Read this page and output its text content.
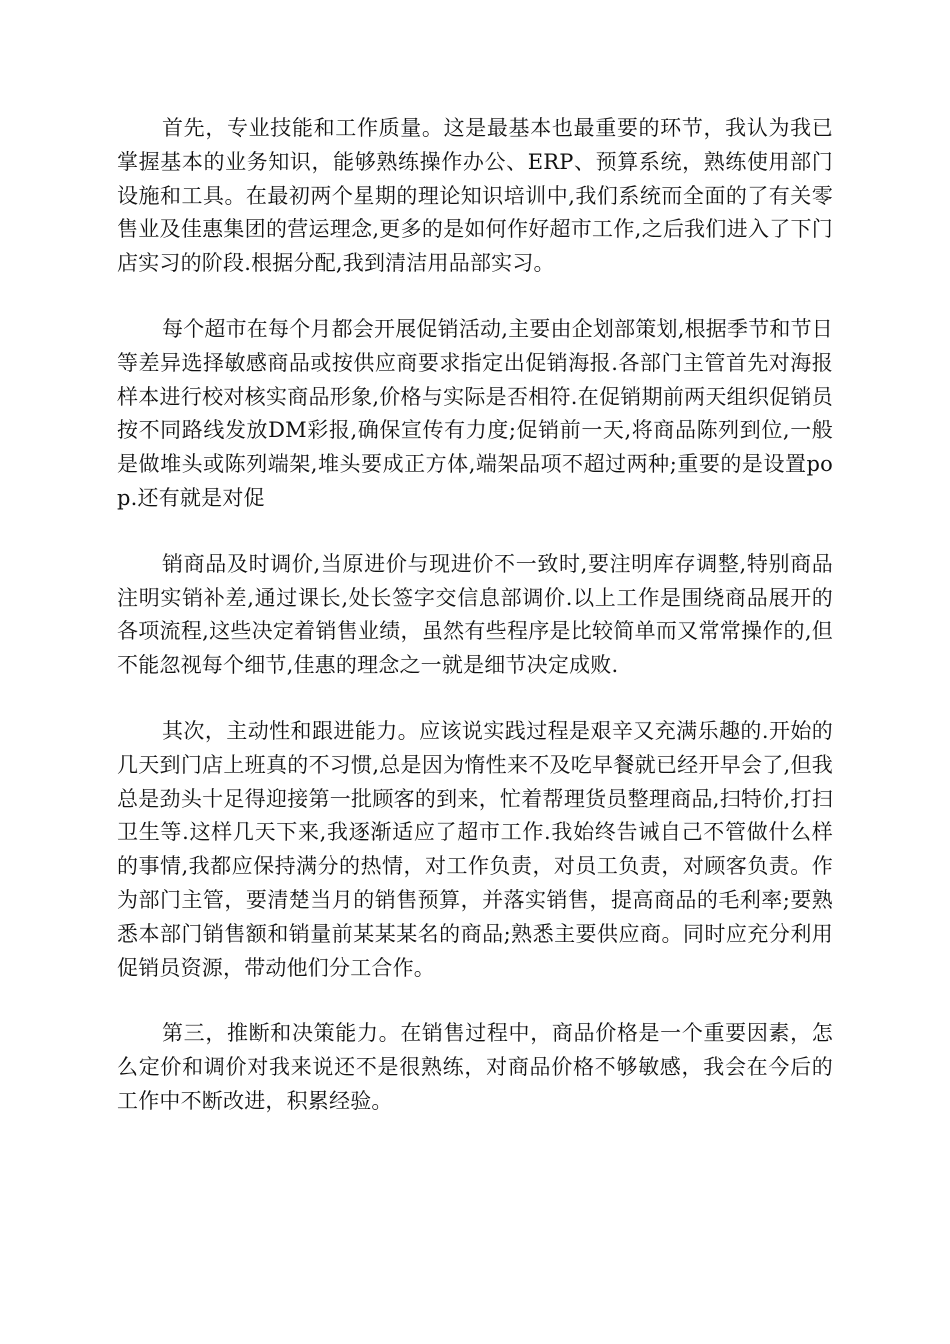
首先，专业技能和工作质量。这是最基本也最重要的环节，我认为我已掌握基本的业务知识，能够熟练操作办公、ERP、预算系统，熟练使用部门设施和工具。在最初两个星期的理论知识培训中,我们系统而全面的了有关零售业及佳惠集团的营运理念,更多的是如何作好超市工作,之后我们进入了下门店实习的阶段.根据分配,我到清洁用品部实习。

每个超市在每个月都会开展促销活动,主要由企划部策划,根据季节和节日等差异选择敏感商品或按供应商要求指定出促销海报.各部门主管首先对海报样本进行校对核实商品形象,价格与实际是否相符.在促销期前两天组织促销员按不同路线发放DM彩报,确保宣传有力度;促销前一天,将商品陈列到位,一般是做堆头或陈列端架,堆头要成正方体,端架品项不超过两种;重要的是设置pop.还有就是对促

销商品及时调价,当原进价与现进价不一致时,要注明库存调整,特别商品注明实销补差,通过课长,处长签字交信息部调价.以上工作是围绕商品展开的各项流程,这些决定着销售业绩，虽然有些程序是比较简单而又常常操作的,但不能忽视每个细节,佳惠的理念之一就是细节决定成败.

其次，主动性和跟进能力。应该说实践过程是艰辛又充满乐趣的.开始的几天到门店上班真的不习惯,总是因为惰性来不及吃早餐就已经开早会了,但我总是劲头十足得迎接第一批顾客的到来，忙着帮理货员整理商品,扫特价,打扫卫生等.这样几天下来,我逐渐适应了超市工作.我始终告诫自己不管做什么样的事情,我都应保持满分的热情，对工作负责，对员工负责，对顾客负责。作为部门主管，要清楚当月的销售预算，并落实销售，提高商品的毛利率;要熟悉本部门销售额和销量前某某某名的商品;熟悉主要供应商。同时应充分利用促销员资源，带动他们分工合作。

第三，推断和决策能力。在销售过程中，商品价格是一个重要因素，怎么定价和调价对我来说还不是很熟练，对商品价格不够敏感，我会在今后的工作中不断改进，积累经验。
